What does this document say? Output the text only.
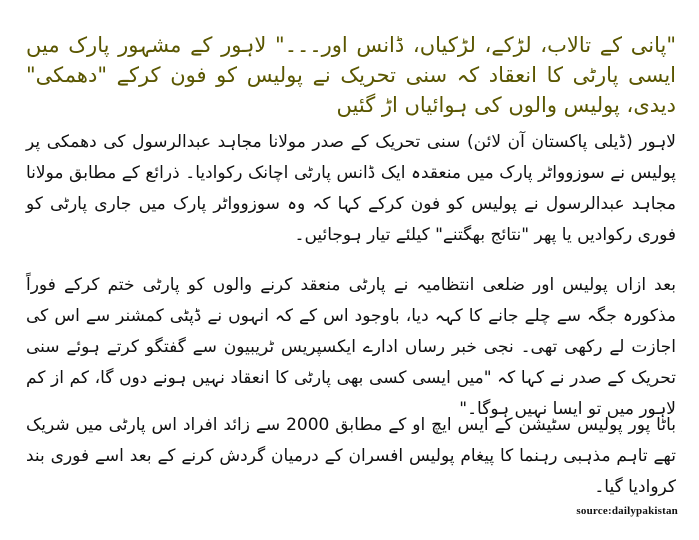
"پانی کے تالاب، لڑکے، لڑکیاں، ڈانس اور۔۔۔" لاہور کے مشہور پارک میں ایسی پارٹی کا انعقاد کہ سنی تحریک نے پولیس کو فون کرکے "دھمکی" دیدی، پولیس والوں کی ہوائیاں اڑ گئیں
لاہور (ڈیلی پاکستان آن لائن) سنی تحریک کے صدر مولانا مجاہد عبدالرسول کی دھمکی پر پولیس نے سوزوواٹر پارک میں منعقدہ ایک ڈانس پارٹی اچانک رکوادیا۔ ذرائع کے مطابق مولانا مجاہد عبدالرسول نے پولیس کو فون کرکے کہا کہ وہ سوزوواٹر پارک میں جاری پارٹی کو فوری رکوادیں یا پھر "نتائج بھگتنے" کیلئے تیار ہوجائیں۔
بعد ازاں پولیس اور ضلعی انتظامیہ نے پارٹی منعقد کرنے والوں کو پارٹی ختم کرکے فوراً مذکورہ جگہ سے چلے جانے کا کہہ دیا، باوجود اس کے کہ انہوں نے ڈپٹی کمشنر سے اس کی اجازت لے رکھی تھی۔ نجی خبر رساں ادارے ایکسپریس ٹریبیون سے گفتگو کرتے ہوئے سنی تحریک کے صدر نے کہا کہ "میں ایسی کسی بھی پارٹی کا انعقاد نہیں ہونے دوں گا، کم از کم لاہور میں تو ایسا نہیں ہوگا۔"
باٹا پور پولیس سٹیشن کے ایس ایچ او کے مطابق 2000 سے زائد افراد اس پارٹی میں شریک تھے تاہم مذہبی رہنما کا پیغام پولیس افسران کے درمیان گردش کرنے کے بعد اسے فوری بند کروادیا گیا۔
source:dailypakistan
